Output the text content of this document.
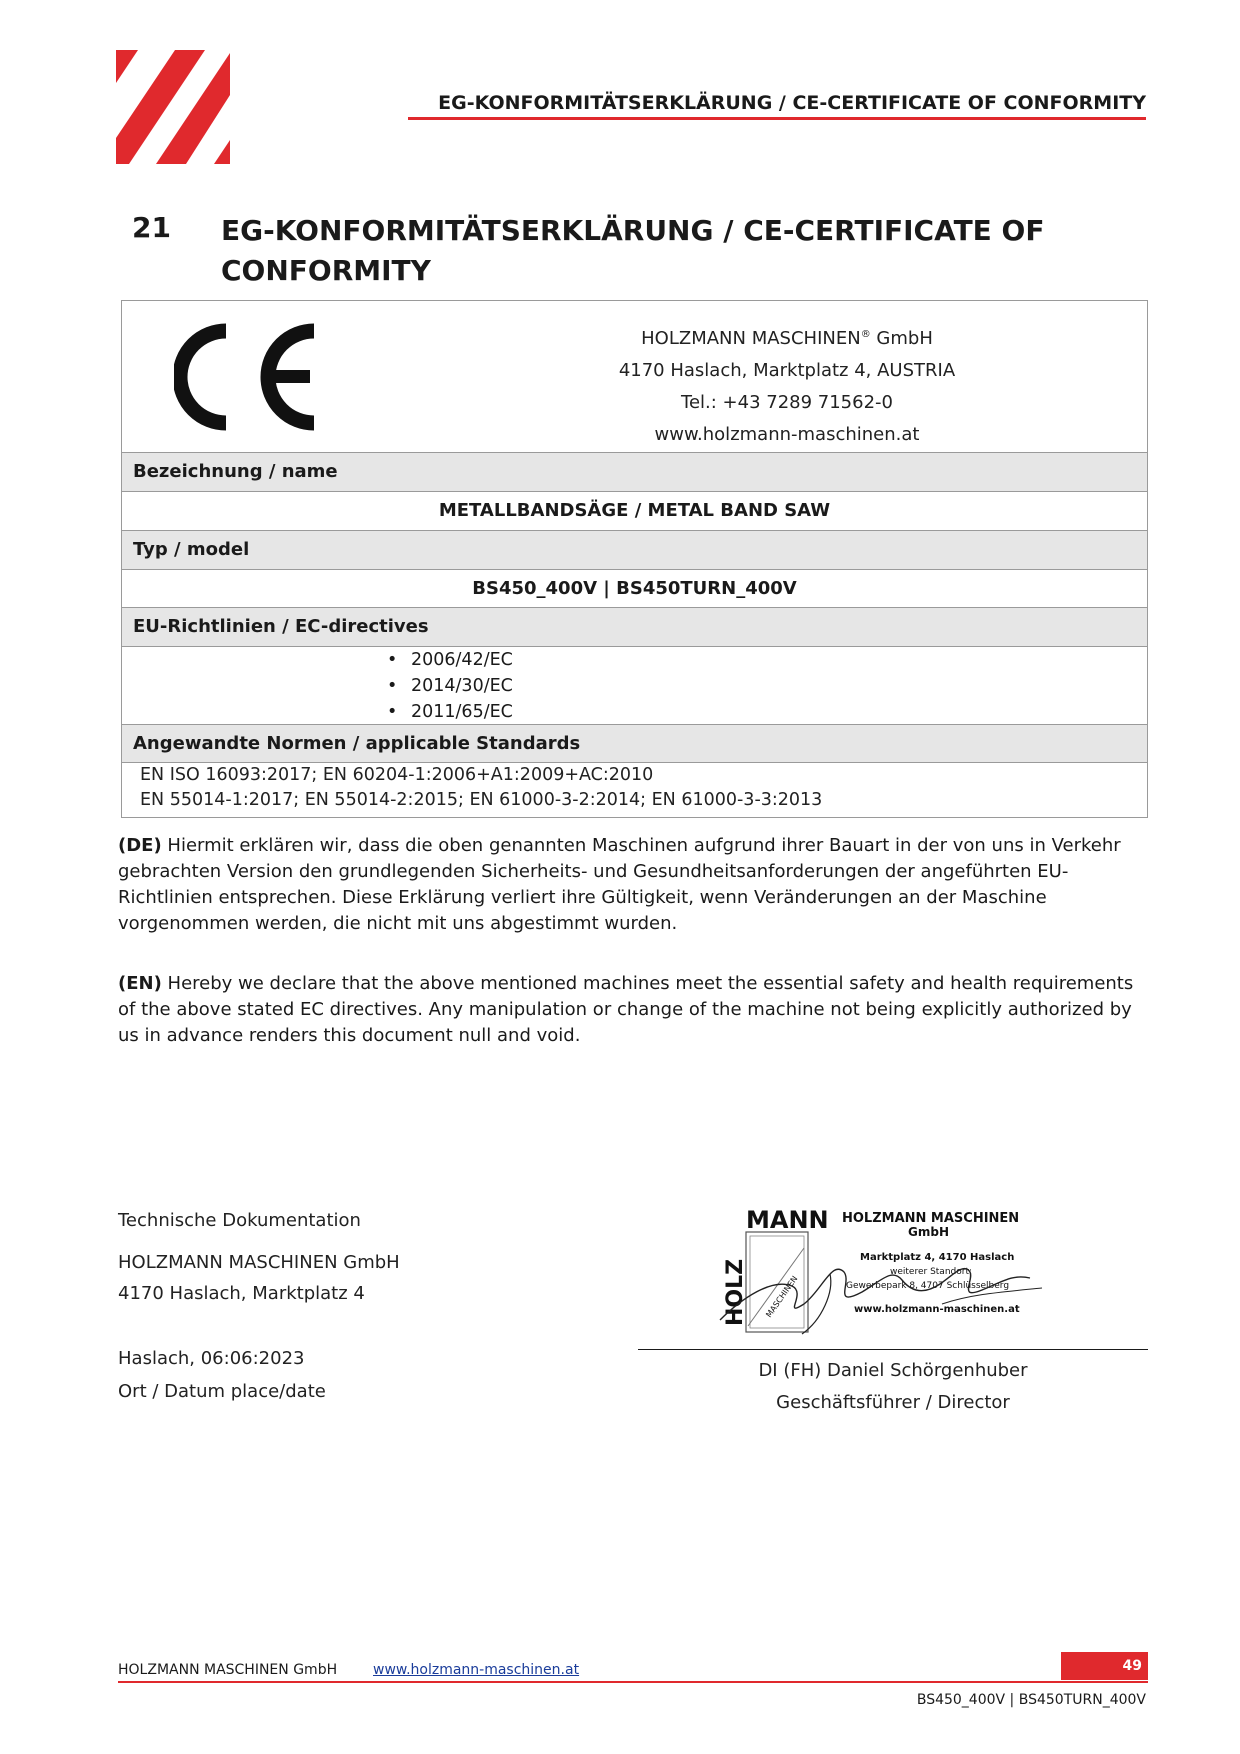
EG-KONFORMITÄTSERKLÄRUNG / CE-CERTIFICATE OF CONFORMITY
21 EG-KONFORMITÄTSERKLÄRUNG / CE-CERTIFICATE OF
CONFORMITY
HOLZMANN MASCHINEN® GmbH
4170 Haslach, Marktplatz 4, AUSTRIA
Tel.: +43 7289 71562-0
www.holzmann-maschinen.at
Bezeichnung / name
METALLBANDSÄGE / METAL BAND SAW
Typ / model
BS450_400V | BS450TURN_400V
EU-Richtlinien / EC-directives
• 2006/42/EC
• 2014/30/EC
• 2011/65/EC
Angewandte Normen / applicable Standards
EN ISO 16093:2017; EN 60204-1:2006+A1:2009+AC:2010
EN 55014-1:2017; EN 55014-2:2015; EN 61000-3-2:2014; EN 61000-3-3:2013
(DE) Hiermit erklären wir, dass die oben genannten Maschinen aufgrund ihrer Bauart in der von uns in Verkehr gebrachten Version den grundlegenden Sicherheits- und Gesundheitsanforderungen der angeführten EU-Richtlinien entsprechen. Diese Erklärung verliert ihre Gültigkeit, wenn Veränderungen an der Maschine vorgenommen werden, die nicht mit uns abgestimmt wurden.
(EN) Hereby we declare that the above mentioned machines meet the essential safety and health requirements of the above stated EC directives. Any manipulation or change of the machine not being explicitly authorized by us in advance renders this document null and void.
Technische Dokumentation
HOLZMANN MASCHINEN GmbH
4170 Haslach, Marktplatz 4
Haslach, 06:06:2023
Ort / Datum place/date
MANN
HOLZ MASCHINEN
HOLZMANN MASCHINEN
GmbH
Marktplatz 4, 4170 Haslach
weiterer Standort:
Gewerbepark 8, 4707 Schlüsselberg
www.holzmann-maschinen.at
DI (FH) Daniel Schörgenhuber
Geschäftsführer / Director
HOLZMANN MASCHINEN GmbH	www.holzmann-maschinen.at	49
BS450_400V | BS450TURN_400V
